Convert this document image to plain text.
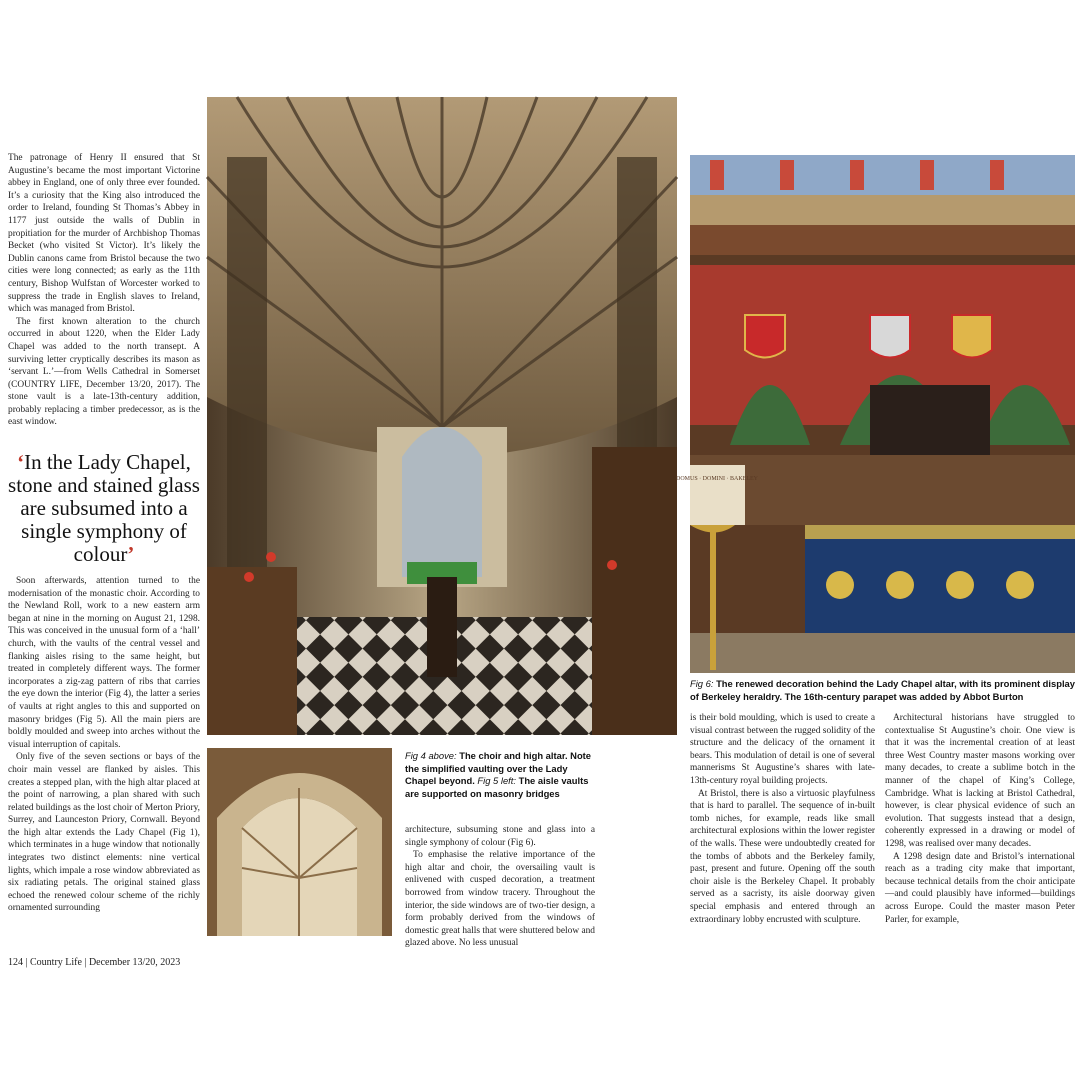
The patronage of Henry II ensured that St Augustine’s became the most important Victorine abbey in England, one of only three ever founded. It’s a curiosity that the King also introduced the order to Ireland, founding St Thomas’s Abbey in 1177 just outside the walls of Dublin in propitiation for the murder of Archbishop Thomas Becket (who visited St Victor). It’s likely the Dublin canons came from Bristol because the two cities were long connected; as early as the 11th century, Bishop Wulfstan of Worcester worked to suppress the trade in English slaves to Ireland, which was managed from Bristol.

The first known alteration to the church occurred in about 1220, when the Elder Lady Chapel was added to the north transept. A surviving letter cryptically describes its mason as ‘servant L.’—from Wells Cathedral in Somerset (COUNTRY LIFE, December 13/20, 2017). The stone vault is a late-13th-century addition, probably replacing a timber predecessor, as is the east window.

‘In the Lady Chapel, stone and stained glass are subsumed into a single symphony of colour’

Soon afterwards, attention turned to the modernisation of the monastic choir. According to the Newland Roll, work to a new eastern arm began at nine in the morning on August 21, 1298. This was conceived in the unusual form of a ‘hall’ church, with the vaults of the central vessel and flanking aisles rising to the same height, but treated in completely different ways. The former incorporates a zig-zag pattern of ribs that carries the eye down the interior (Fig 4), the latter a series of vaults at right angles to this and supported on masonry bridges (Fig 5). All the main piers are boldly moulded and sweep into arches without the visual interruption of capitals.

Only five of the seven sections or bays of the choir main vessel are flanked by aisles. This creates a stepped plan, with the high altar placed at the point of narrowing, a plan shared with such related buildings as the lost choir of Merton Priory, Surrey, and Launceston Priory, Cornwall. Beyond the high altar extends the Lady Chapel (Fig 1), which terminates in a huge window that notionally integrates two distinct elements: nine vertical lights, which impale a rose window abbreviated as six radiating petals. The original stained glass echoed the renewed colour scheme of the richly ornamented surrounding

Fig 4 above: The choir and high altar. Note the simplified vaulting over the Lady Chapel beyond. Fig 5 left: The aisle vaults are supported on masonry bridges

architecture, subsuming stone and glass into a single symphony of colour (Fig 6).

To emphasise the relative importance of the high altar and choir, the oversailing vault is enlivened with cusped decoration, a treatment borrowed from window tracery. Throughout the interior, the side windows are of two-tier design, a form probably derived from the windows of domestic great halls that were shuttered below and glazed above. No less unusual

DOMUS · DOMINI · BAKELEY
Fig 6: The renewed decoration behind the Lady Chapel altar, with its prominent display of Berkeley heraldry. The 16th-century parapet was added by Abbot Burton

is their bold moulding, which is used to create a visual contrast between the rugged solidity of the structure and the delicacy of the ornament it bears. This modulation of detail is one of several mannerisms St Augustine’s shares with late-13th-century royal building projects.

At Bristol, there is also a virtuosic playfulness that is hard to parallel. The sequence of in-built tomb niches, for example, reads like small architectural explosions within the lower register of the walls. These were undoubtedly created for the tombs of abbots and the Berkeley family, past, present and future. Opening off the south choir aisle is the Berkeley Chapel. It probably served as a sacristy, its aisle doorway given special emphasis and entered through an extraordinary lobby encrusted with sculpture.

Architectural historians have struggled to contextualise St Augustine’s choir. One view is that it was the incremental creation of at least three West Country master masons working over many decades, to create a sublime botch in the manner of the chapel of King’s College, Cambridge. What is lacking at Bristol Cathedral, however, is clear physical evidence of such an evolution. That suggests instead that a design, coherently expressed in a drawing or model of 1298, was realised over many decades.

A 1298 design date and Bristol’s international reach as a trading city make that important, because technical details from the choir anticipate—and could plausibly have informed—buildings across Europe. Could the master mason Peter Parler, for example,

124 | Country Life | December 13/20, 2023
